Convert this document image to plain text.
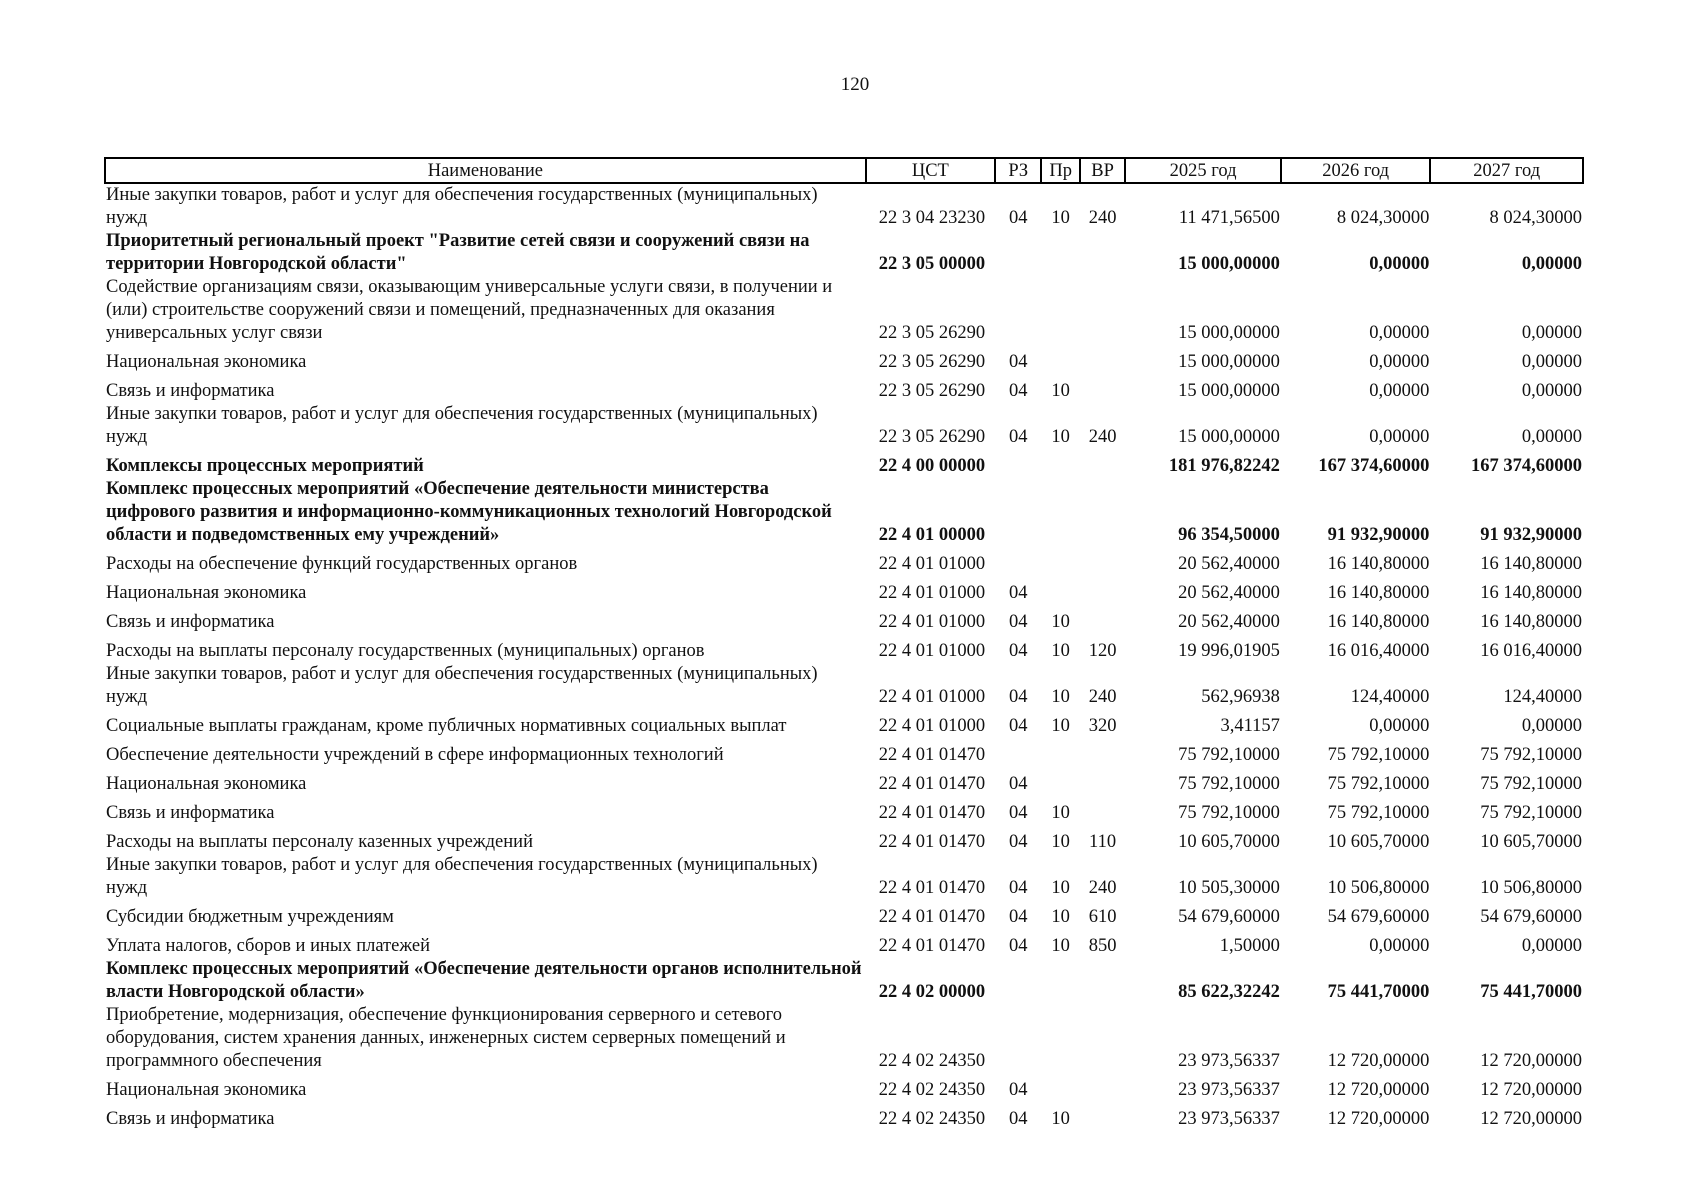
120
Наименование	ЦСТ	РЗ	Пр	ВР	2025 год	2026 год	2027 год
Иные закупки товаров, работ и услуг для обеспечения государственных (муниципальных) нужд	22 3 04 23230	04	10	240	11 471,56500	8 024,30000	8 024,30000
Приоритетный региональный проект "Развитие сетей связи и сооружений связи на территории Новгородской области"	22 3 05 00000				15 000,00000	0,00000	0,00000
Содействие организациям связи, оказывающим универсальные услуги связи, в получении и (или) строительстве сооружений связи и помещений, предназначенных для оказания универсальных услуг связи	22 3 05 26290				15 000,00000	0,00000	0,00000
Национальная экономика	22 3 05 26290	04			15 000,00000	0,00000	0,00000
Связь и информатика	22 3 05 26290	04	10		15 000,00000	0,00000	0,00000
Иные закупки товаров, работ и услуг для обеспечения государственных (муниципальных) нужд	22 3 05 26290	04	10	240	15 000,00000	0,00000	0,00000
Комплексы процессных мероприятий	22 4 00 00000				181 976,82242	167 374,60000	167 374,60000
Комплекс процессных мероприятий «Обеспечение деятельности министерства цифрового развития и информационно-коммуникационных технологий Новгородской области и подведомственных ему учреждений»	22 4 01 00000				96 354,50000	91 932,90000	91 932,90000
Расходы на обеспечение функций государственных органов	22 4 01 01000				20 562,40000	16 140,80000	16 140,80000
Национальная экономика	22 4 01 01000	04			20 562,40000	16 140,80000	16 140,80000
Связь и информатика	22 4 01 01000	04	10		20 562,40000	16 140,80000	16 140,80000
Расходы на выплаты персоналу государственных (муниципальных) органов	22 4 01 01000	04	10	120	19 996,01905	16 016,40000	16 016,40000
Иные закупки товаров, работ и услуг для обеспечения государственных (муниципальных) нужд	22 4 01 01000	04	10	240	562,96938	124,40000	124,40000
Социальные выплаты гражданам, кроме публичных нормативных социальных выплат	22 4 01 01000	04	10	320	3,41157	0,00000	0,00000
Обеспечение деятельности учреждений в сфере информационных технологий	22 4 01 01470				75 792,10000	75 792,10000	75 792,10000
Национальная экономика	22 4 01 01470	04			75 792,10000	75 792,10000	75 792,10000
Связь и информатика	22 4 01 01470	04	10		75 792,10000	75 792,10000	75 792,10000
Расходы на выплаты персоналу казенных учреждений	22 4 01 01470	04	10	110	10 605,70000	10 605,70000	10 605,70000
Иные закупки товаров, работ и услуг для обеспечения государственных (муниципальных) нужд	22 4 01 01470	04	10	240	10 505,30000	10 506,80000	10 506,80000
Субсидии бюджетным учреждениям	22 4 01 01470	04	10	610	54 679,60000	54 679,60000	54 679,60000
Уплата налогов, сборов и иных платежей	22 4 01 01470	04	10	850	1,50000	0,00000	0,00000
Комплекс процессных мероприятий «Обеспечение деятельности органов исполнительной власти Новгородской области»	22 4 02 00000				85 622,32242	75 441,70000	75 441,70000
Приобретение, модернизация, обеспечение функционирования серверного и сетевого оборудования, систем хранения данных, инженерных систем серверных помещений и программного обеспечения	22 4 02 24350				23 973,56337	12 720,00000	12 720,00000
Национальная экономика	22 4 02 24350	04			23 973,56337	12 720,00000	12 720,00000
Связь и информатика	22 4 02 24350	04	10		23 973,56337	12 720,00000	12 720,00000
